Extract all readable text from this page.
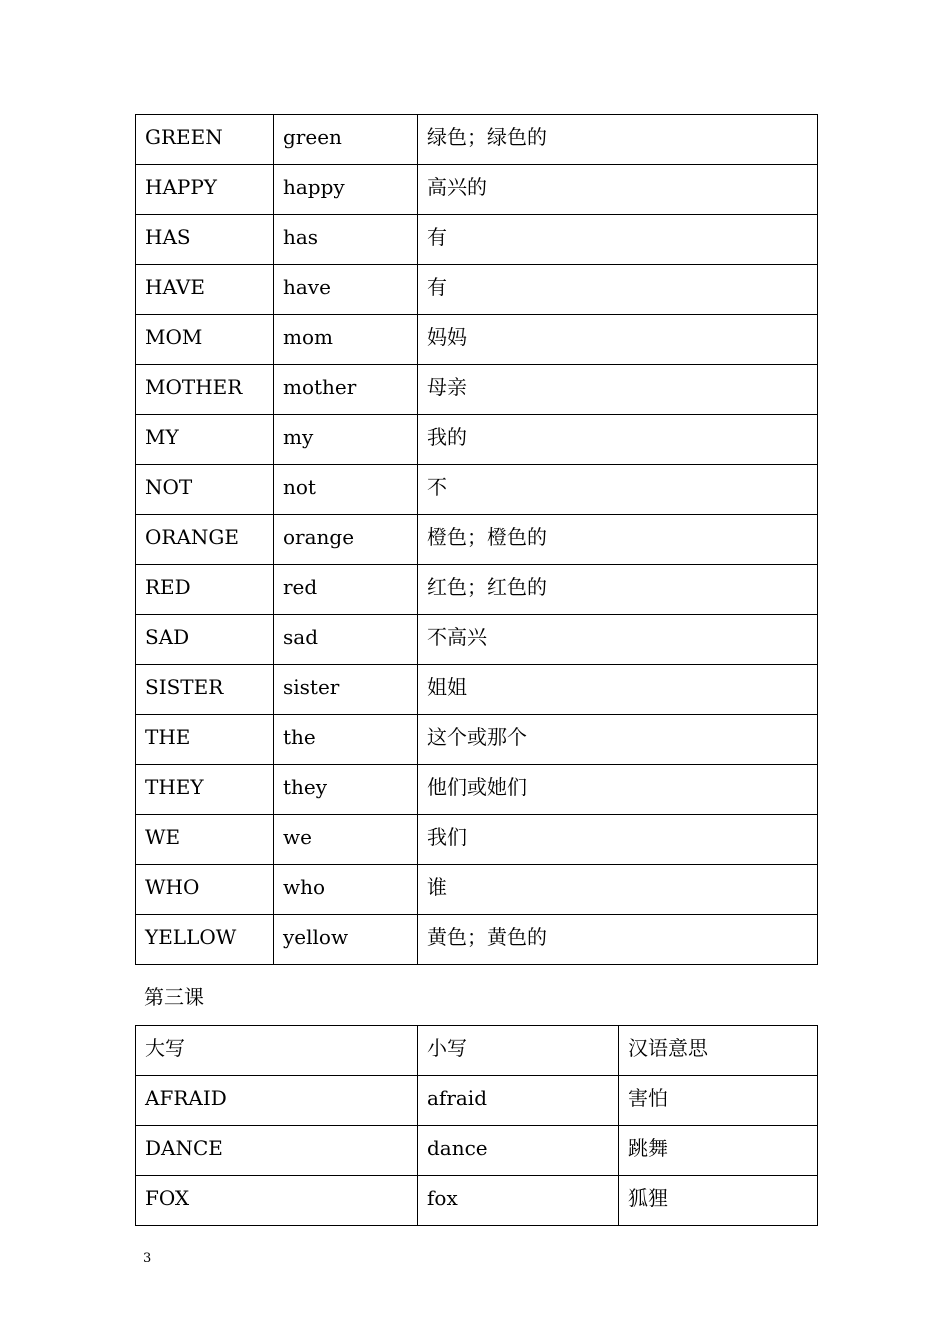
GREEN	green	绿色；绿色的
HAPPY	happy	高兴的
HAS	has	有
HAVE	have	有
MOM	mom	妈妈
MOTHER	mother	母亲
MY	my	我的
NOT	not	不
ORANGE	orange	橙色；橙色的
RED	red	红色；红色的
SAD	sad	不高兴
SISTER	sister	姐姐
THE	the	这个或那个
THEY	they	他们或她们
WE	we	我们
WHO	who	谁
YELLOW	yellow	黄色；黄色的
第三课
大写	小写	汉语意思
AFRAID	afraid	害怕
DANCE	dance	跳舞
FOX	fox	狐狸
3
